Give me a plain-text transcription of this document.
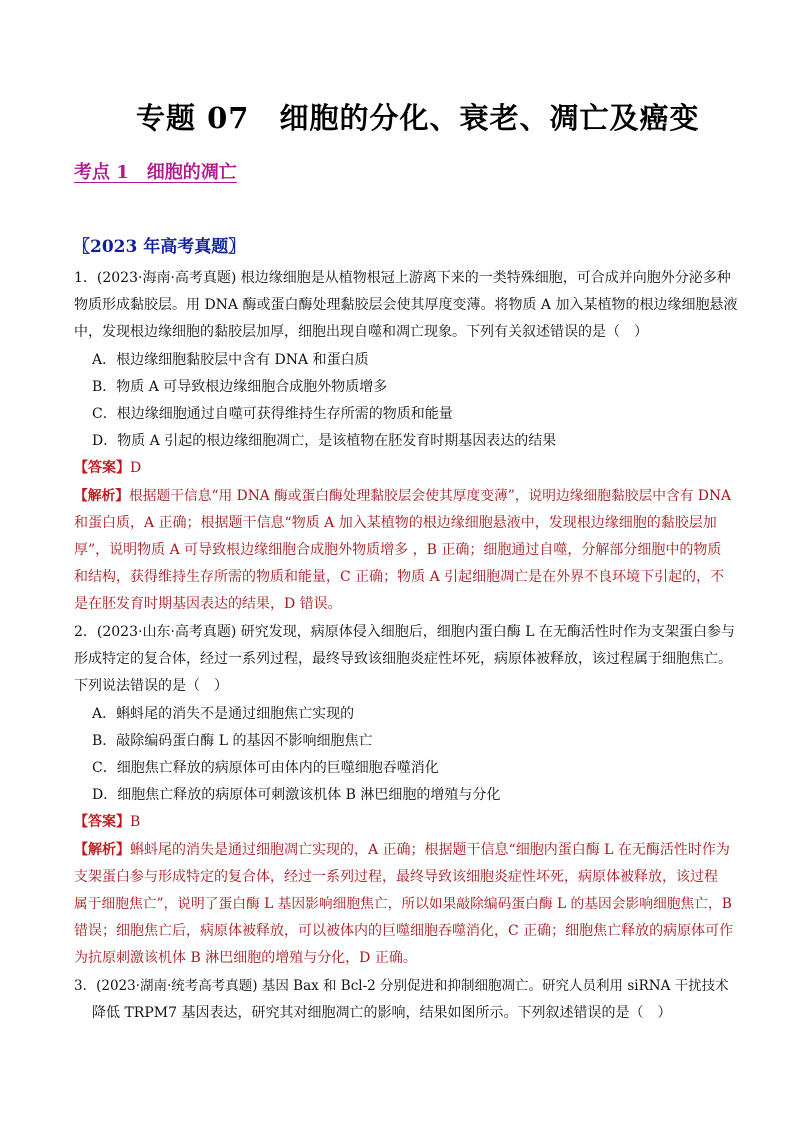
专题 07　细胞的分化、衰老、凋亡及癌变
考点 1　细胞的凋亡
〖2023 年高考真题〗
1．(2023·海南·高考真题) 根边缘细胞是从植物根冠上游离下来的一类特殊细胞，可合成并向胞外分泌多种
物质形成黏胶层。用 DNA 酶或蛋白酶处理黏胶层会使其厚度变薄。将物质 A 加入某植物的根边缘细胞悬液
中，发现根边缘细胞的黏胶层加厚，细胞出现自噬和凋亡现象。下列有关叙述错误的是（　）
A．根边缘细胞黏胶层中含有 DNA 和蛋白质
B．物质 A 可导致根边缘细胞合成胞外物质增多
C．根边缘细胞通过自噬可获得维持生存所需的物质和能量
D．物质 A 引起的根边缘细胞凋亡，是该植物在胚发育时期基因表达的结果
【答案】D
【解析】根据题干信息“用 DNA 酶或蛋白酶处理黏胶层会使其厚度变薄”，说明边缘细胞黏胶层中含有 DNA
和蛋白质，A 正确；根据题干信息“物质 A 加入某植物的根边缘细胞悬液中，发现根边缘细胞的黏胶层加
厚”，说明物质 A 可导致根边缘细胞合成胞外物质增多 ，B 正确；细胞通过自噬，分解部分细胞中的物质
和结构，获得维持生存所需的物质和能量，C 正确；物质 A 引起细胞凋亡是在外界不良环境下引起的，不
是在胚发育时期基因表达的结果，D 错误。
2．(2023·山东·高考真题) 研究发现，病原体侵入细胞后，细胞内蛋白酶 L 在无酶活性时作为支架蛋白参与
形成特定的复合体，经过一系列过程，最终导致该细胞炎症性坏死，病原体被释放，该过程属于细胞焦亡。
下列说法错误的是（　）
A．蝌蚪尾的消失不是通过细胞焦亡实现的
B．敲除编码蛋白酶 L 的基因不影响细胞焦亡
C．细胞焦亡释放的病原体可由体内的巨噬细胞吞噬消化
D．细胞焦亡释放的病原体可刺激该机体 B 淋巴细胞的增殖与分化
【答案】B
【解析】蝌蚪尾的消失是通过细胞凋亡实现的，A 正确；根据题干信息“细胞内蛋白酶 L 在无酶活性时作为
支架蛋白参与形成特定的复合体，经过一系列过程，最终导致该细胞炎症性坏死，病原体被释放，该过程
属于细胞焦亡”，说明了蛋白酶 L 基因影响细胞焦亡，所以如果敲除编码蛋白酶 L 的基因会影响细胞焦亡，B
错误；细胞焦亡后，病原体被释放，可以被体内的巨噬细胞吞噬消化，C 正确；细胞焦亡释放的病原体可作
为抗原刺激该机体 B 淋巴细胞的增殖与分化，D 正确。
3．(2023·湖南·统考高考真题) 基因 Bax 和 Bcl-2 分别促进和抑制细胞凋亡。研究人员利用 siRNA 干扰技术
降低 TRPM7 基因表达，研究其对细胞凋亡的影响，结果如图所示。下列叙述错误的是（　）
